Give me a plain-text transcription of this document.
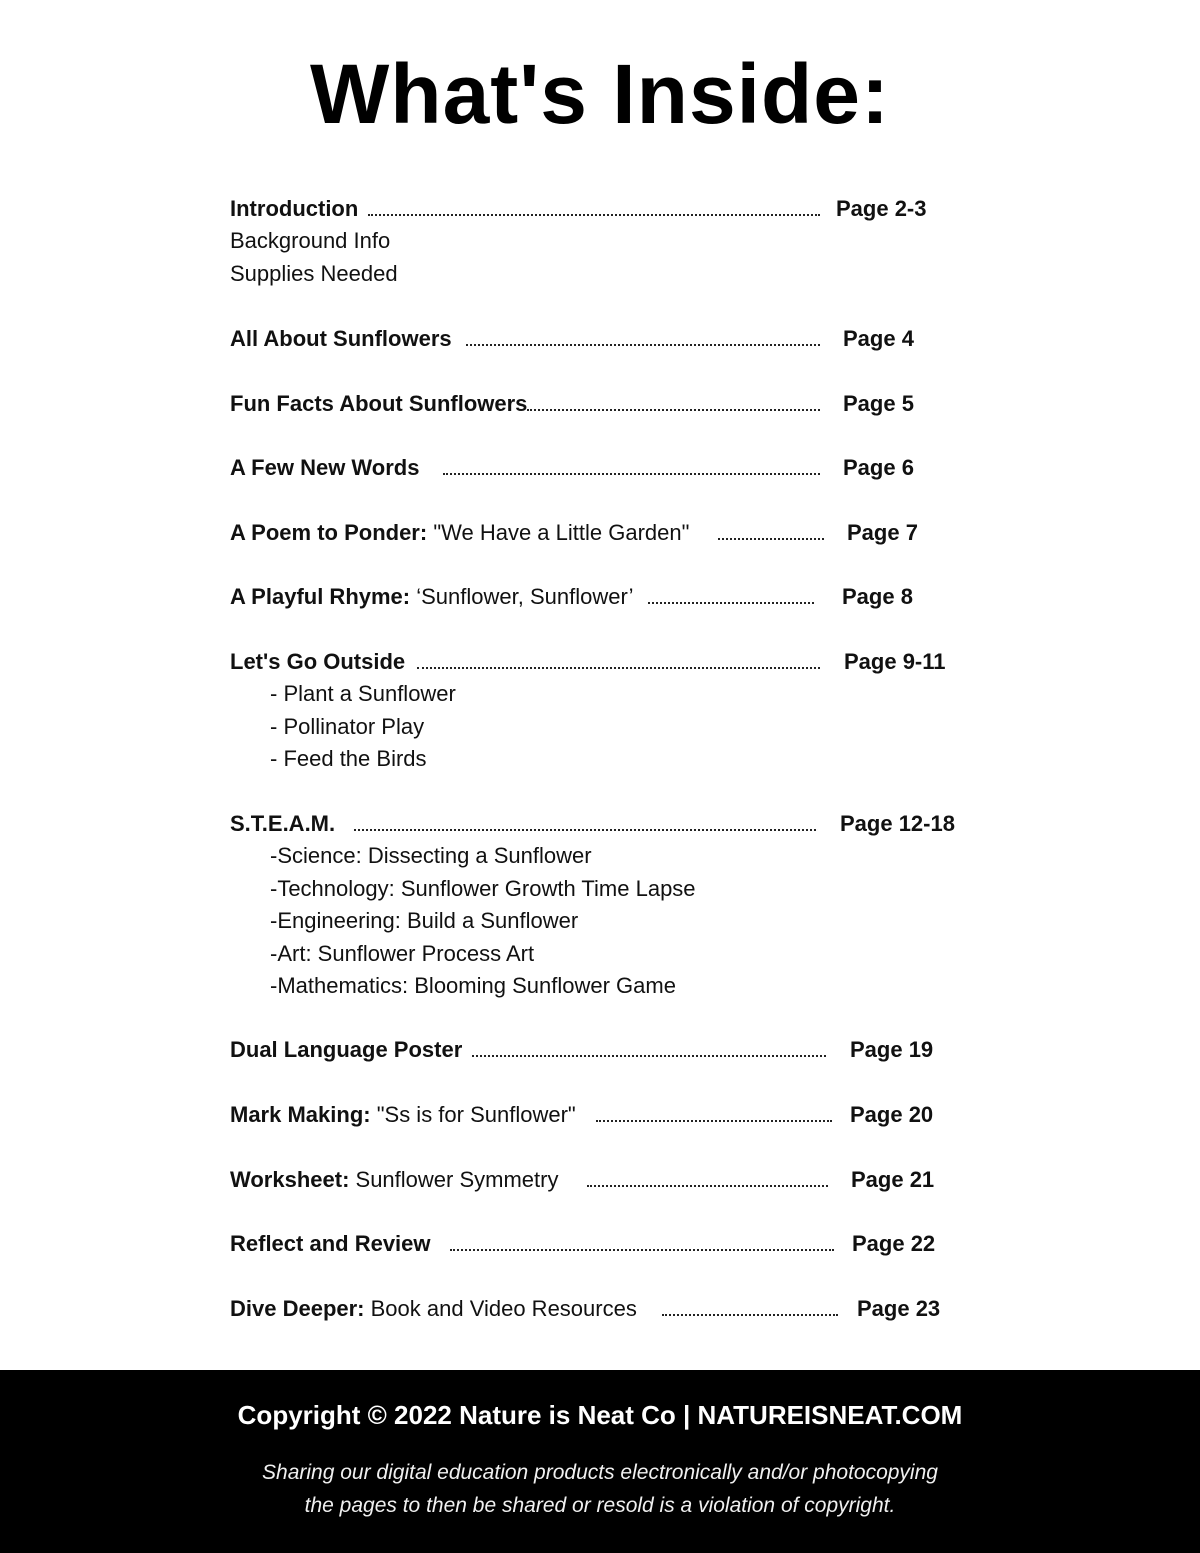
What's Inside:
Introduction	Page 2-3
Background Info
Supplies Needed
All About Sunflowers	Page 4
Fun Facts About Sunflowers	Page 5
A Few New Words	Page 6
A Poem to Ponder: "We Have a Little Garden"	Page 7
A Playful Rhyme: ‘Sunflower, Sunflower’	Page 8
Let's Go Outside	Page 9-11
- Plant a Sunflower
- Pollinator Play
- Feed the Birds
S.T.E.A.M.	Page 12-18
-Science: Dissecting a Sunflower
-Technology: Sunflower Growth Time Lapse
-Engineering: Build a Sunflower
-Art: Sunflower Process Art
-Mathematics: Blooming Sunflower Game
Dual Language Poster	Page 19
Mark Making: "Ss is for Sunflower"	Page 20
Worksheet: Sunflower Symmetry	Page 21
Reflect and Review	Page 22
Dive Deeper: Book and Video Resources	Page 23
Copyright © 2022 Nature is Neat Co | NATUREISNEAT.COM
Sharing our digital education products electronically and/or photocopying
the pages to then be shared or resold is a violation of copyright.
